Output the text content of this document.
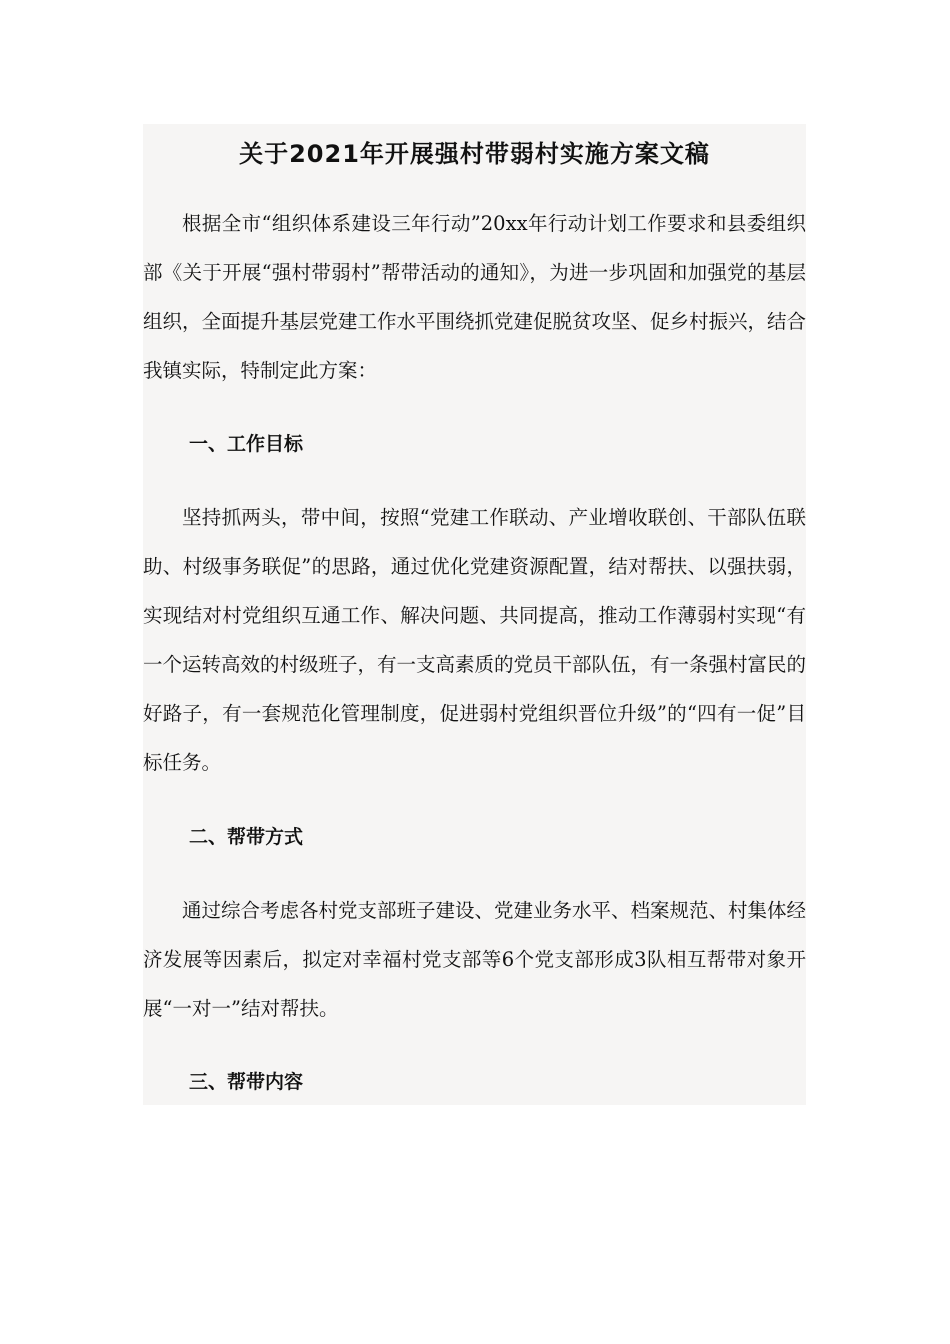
关于2021年开展强村带弱村实施方案文稿

根据全市“组织体系建设三年行动”20xx年行动计划工作要求和县委组织部《关于开展“强村带弱村”帮带活动的通知》，为进一步巩固和加强党的基层组织，全面提升基层党建工作水平围绕抓党建促脱贫攻坚、促乡村振兴，结合我镇实际，特制定此方案：

一、工作目标

坚持抓两头，带中间，按照“党建工作联动、产业增收联创、干部队伍联助、村级事务联促”的思路，通过优化党建资源配置，结对帮扶、以强扶弱，实现结对村党组织互通工作、解决问题、共同提高，推动工作薄弱村实现“有一个运转高效的村级班子，有一支高素质的党员干部队伍，有一条强村富民的好路子，有一套规范化管理制度，促进弱村党组织晋位升级”的“四有一促”目标任务。

二、帮带方式

通过综合考虑各村党支部班子建设、党建业务水平、档案规范、村集体经济发展等因素后，拟定对幸福村党支部等6个党支部形成3队相互帮带对象开展“一对一”结对帮扶。

三、帮带内容
